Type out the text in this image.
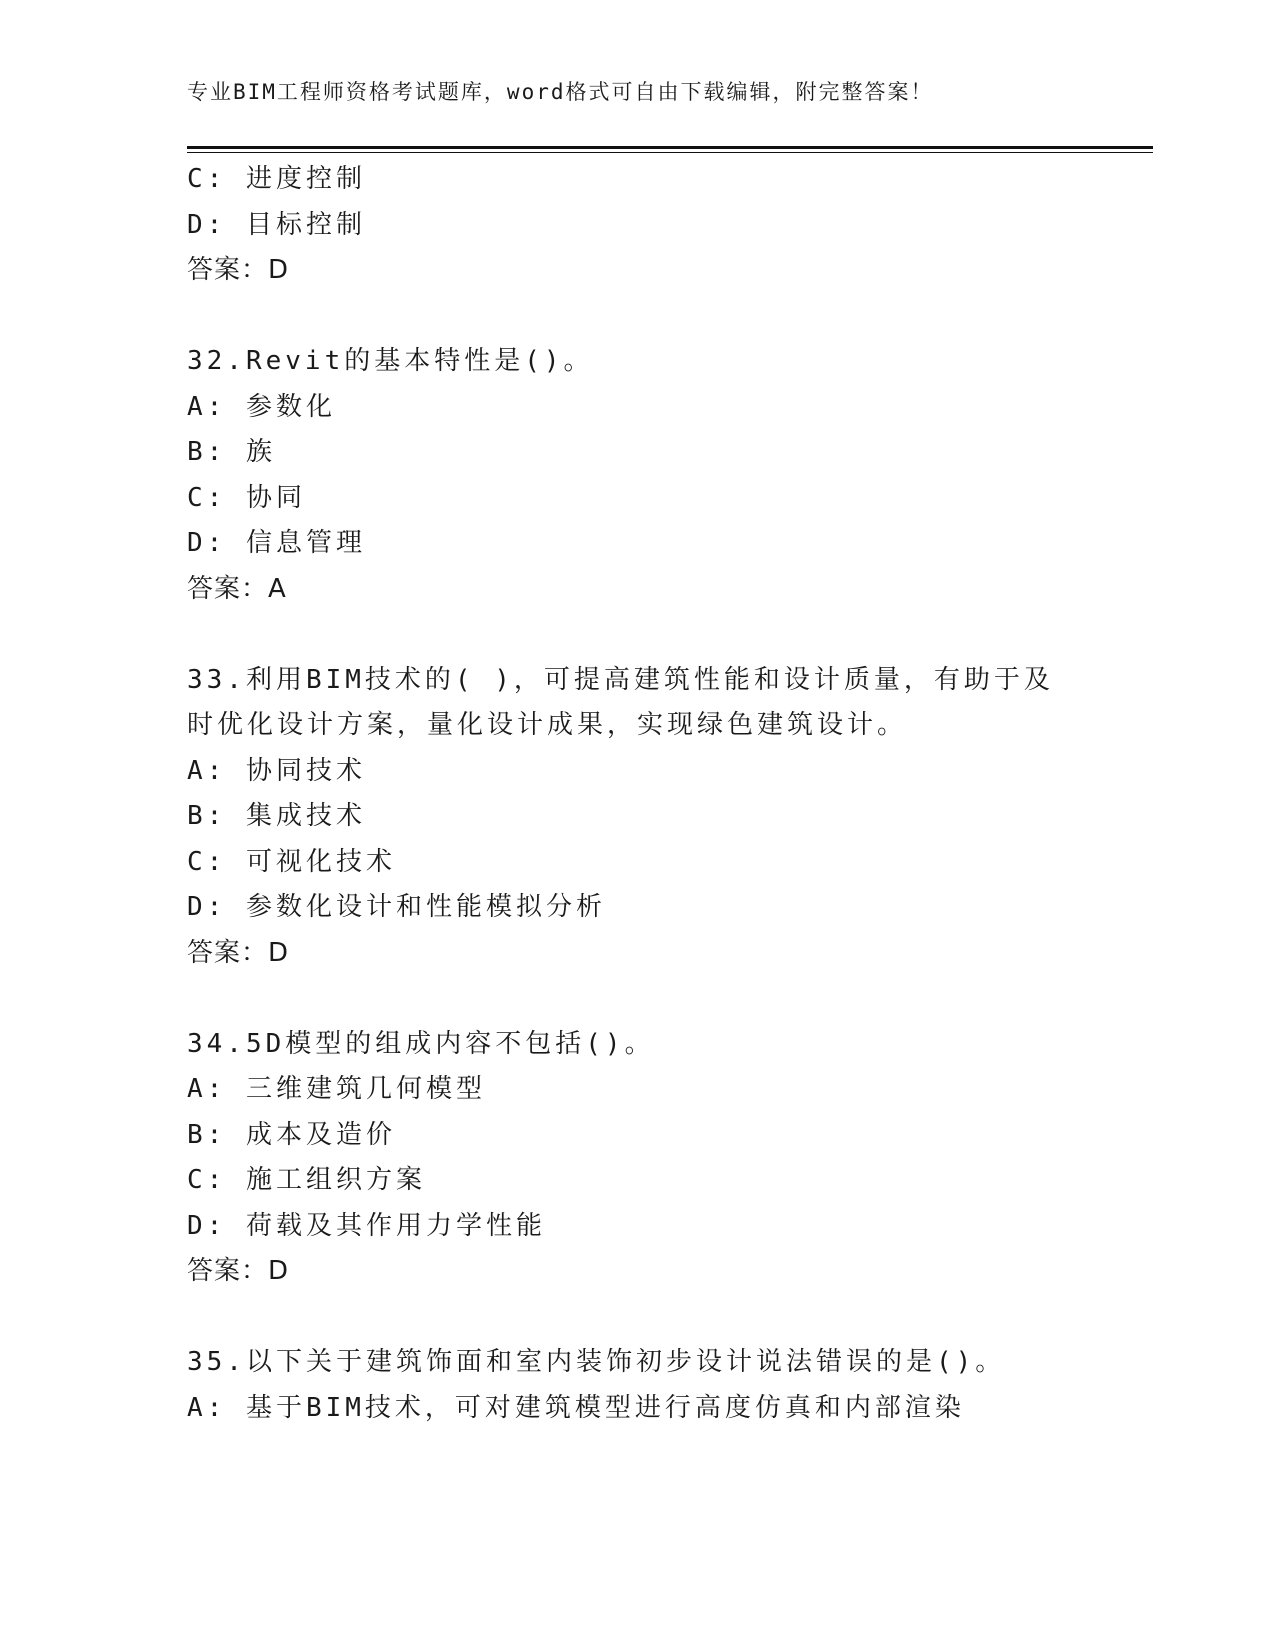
专业BIM工程师资格考试题库，word格式可自由下载编辑，附完整答案！
C: 进度控制
D: 目标控制
答案：D
32.Revit的基本特性是()。
A: 参数化
B: 族
C: 协同
D: 信息管理
答案：A
33.利用BIM技术的( )，可提高建筑性能和设计质量，有助于及时优化设计方案，量化设计成果，实现绿色建筑设计。
A: 协同技术
B: 集成技术
C: 可视化技术
D: 参数化设计和性能模拟分析
答案：D
34.5D模型的组成内容不包括()。
A: 三维建筑几何模型
B: 成本及造价
C: 施工组织方案
D: 荷载及其作用力学性能
答案：D
35.以下关于建筑饰面和室内装饰初步设计说法错误的是()。
A: 基于BIM技术，可对建筑模型进行高度仿真和内部渲染
